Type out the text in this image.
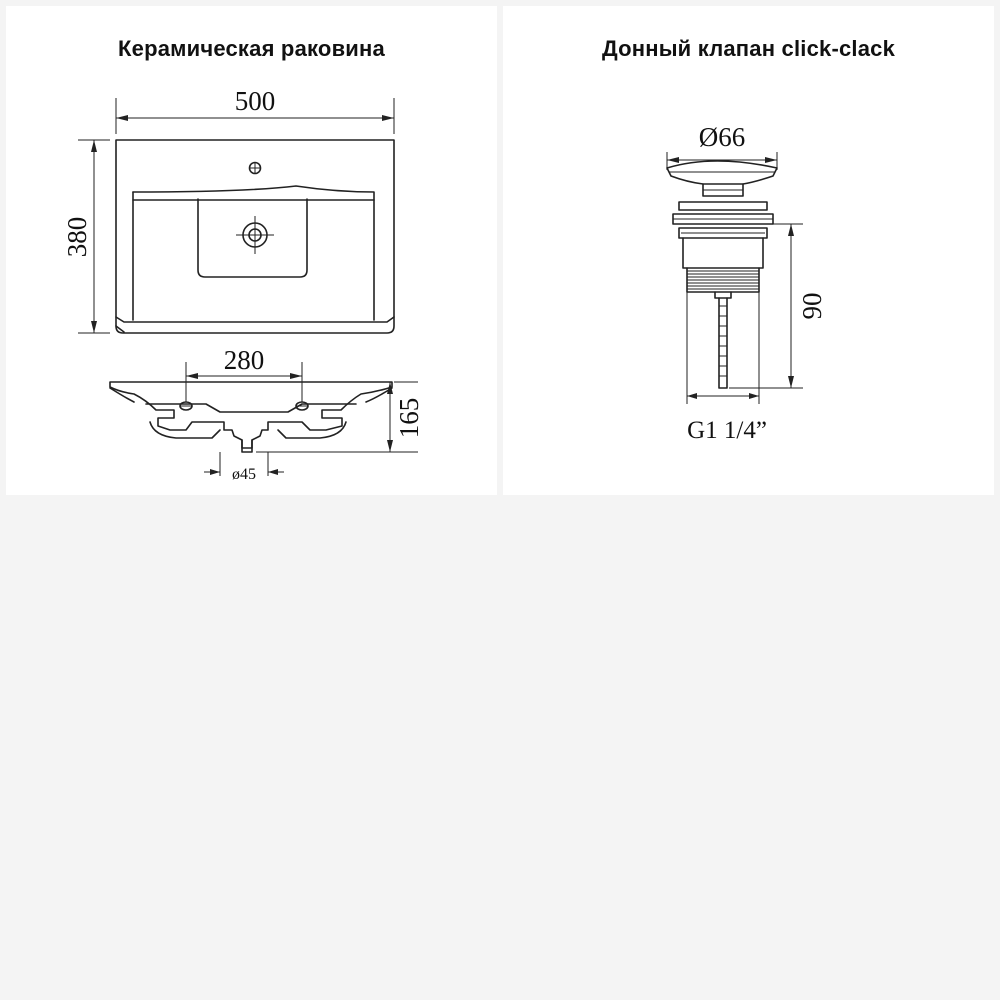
Керамическая раковина
500
380
280
165
ø45
Донный клапан click-clack
Ø66
90
G1 1/4”
